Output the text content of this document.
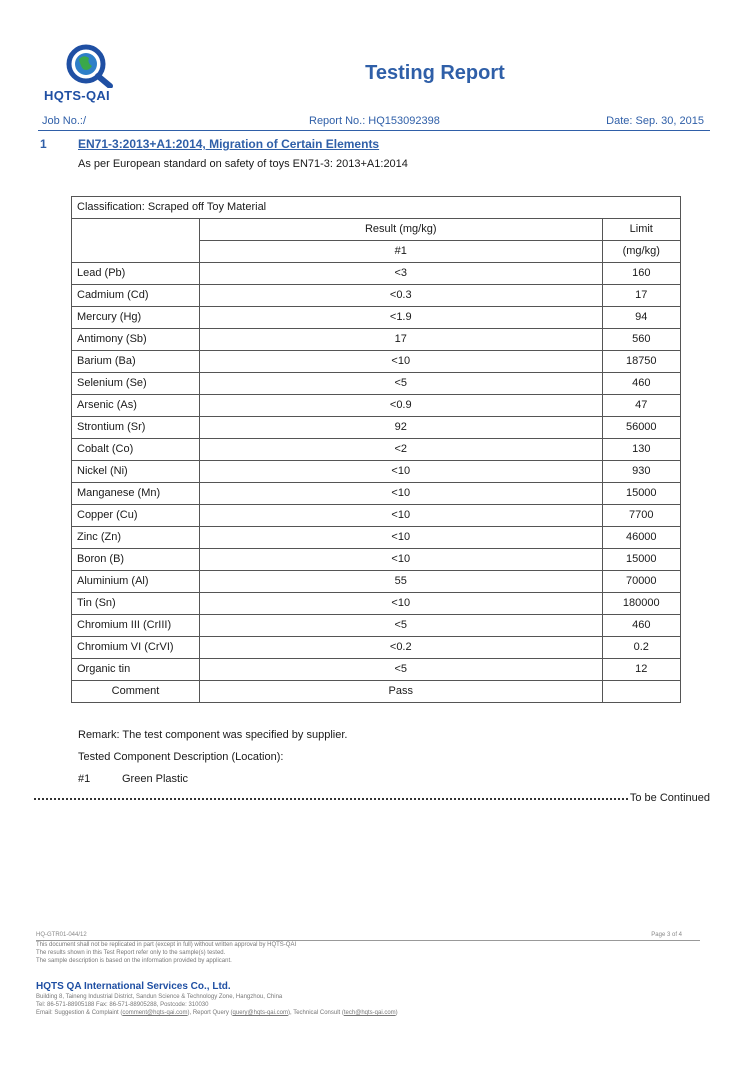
HQTS-QAI
Testing Report
Job No.:/	Report No.: HQ153092398	Date: Sep. 30, 2015
1	EN71-3:2013+A1:2014, Migration of Certain Elements
As per European standard on safety of toys EN71-3: 2013+A1:2014
Classification: Scraped off Toy Material		
	Result (mg/kg)	Limit
	#1	(mg/kg)
Lead (Pb)	<3	160
Cadmium (Cd)	<0.3	17
Mercury (Hg)	<1.9	94
Antimony (Sb)	17	560
Barium (Ba)	<10	18750
Selenium (Se)	<5	460
Arsenic (As)	<0.9	47
Strontium (Sr)	92	56000
Cobalt (Co)	<2	130
Nickel (Ni)	<10	930
Manganese (Mn)	<10	15000
Copper (Cu)	<10	7700
Zinc (Zn)	<10	46000
Boron (B)	<10	15000
Aluminium (Al)	55	70000
Tin (Sn)	<10	180000
Chromium III (CrIII)	<5	460
Chromium VI (CrVI)	<0.2	0.2
Organic tin	<5	12
Comment	Pass	
Remark: The test component was specified by supplier.
Tested Component Description (Location):
#1	Green Plastic
To be Continued
HQ-GTR01-044/12	Page 3 of 4
This document shall not be replicated in part (except in full) without written approval by HQTS-QAI
The results shown in this Test Report refer only to the sample(s) tested.
The sample description is based on the information provided by applicant.
HQTS QA International Services Co., Ltd.
Building 8, Taineng Industrial District, Sandun Science & Technology Zone, Hangzhou, China
Tel: 86-571-88905188 Fax: 86-571-88905288, Postcode: 310030
Email: Suggestion & Complaint (comment@hqts-qai.com), Report Query (query@hqts-qai.com), Technical Consult (tech@hqts-qai.com)
